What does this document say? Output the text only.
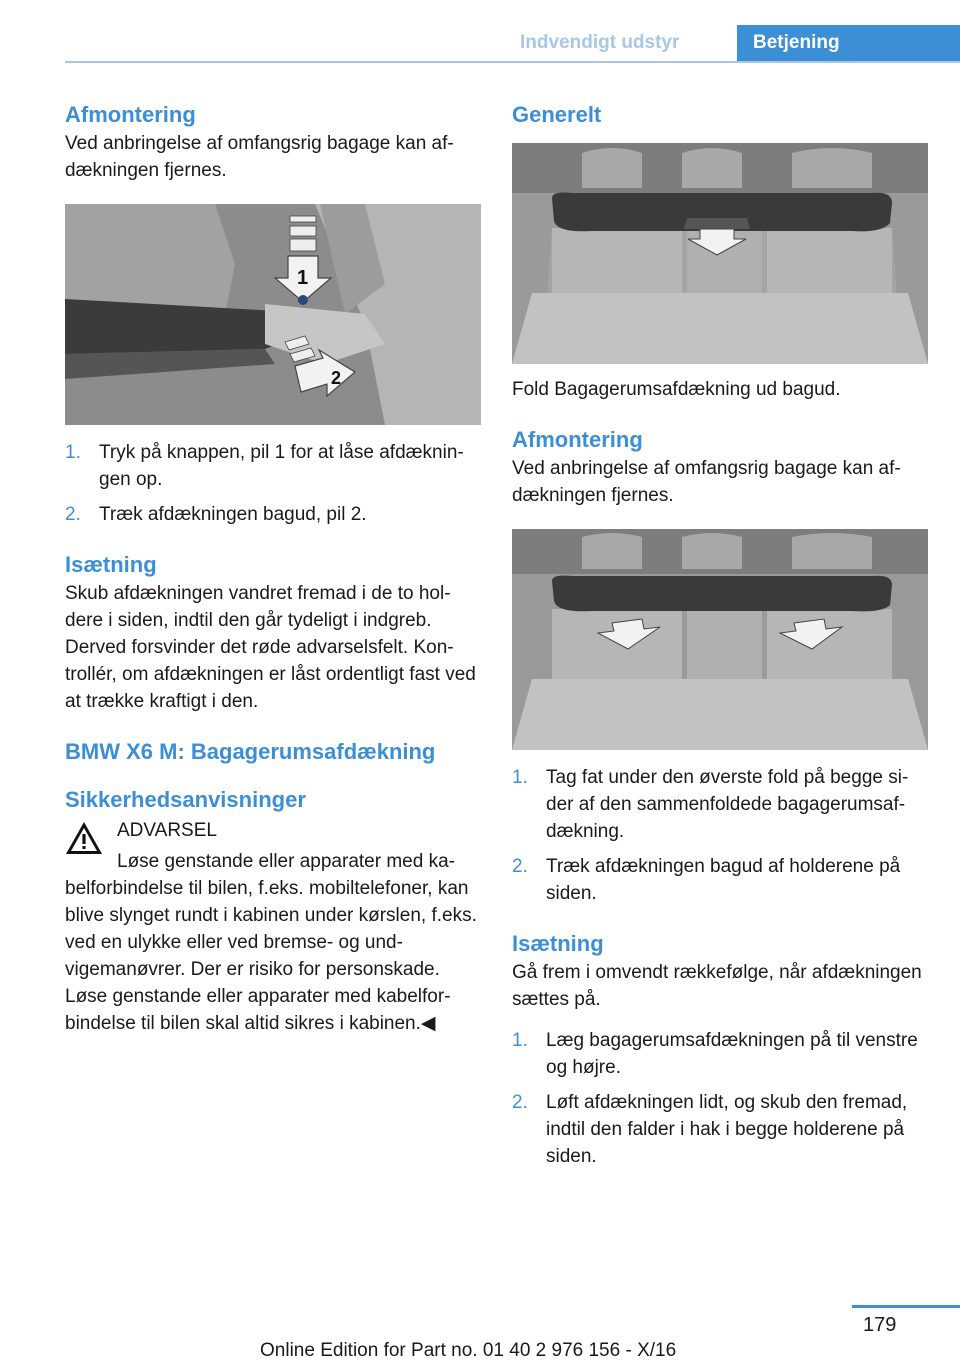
Indvendigt udstyr	Betjening
Afmontering

Ved anbringelse af omfangsrig bagage kan afdækningen fjernes.

1
2
1. Tryk på knappen, pil 1 for at låse afdækningen op.
2. Træk afdækningen bagud, pil 2.
Isætning

Skub afdækningen vandret fremad i de to holdere i siden, indtil den går tydeligt i indgreb. Derved forsvinder det røde advarselsfelt. Kontrollér, om afdækningen er låst ordentligt fast ved at trække kraftigt i den.

BMW X6 M: Bagagerumsafdækning
Sikkerhedsanvisninger
ADVARSEL

Løse genstande eller apparater med kabelforbindelse til bilen, f.eks. mobiltelefoner, kan blive slynget rundt i kabinen under kørslen, f.eks. ved en ulykke eller ved bremse- og undvigemanøvrer. Der er risiko for personskade. Løse genstande eller apparater med kabelforbindelse til bilen skal altid sikres i kabinen.◀

Generelt

Fold Bagagerumsafdækning ud bagud.

Afmontering

Ved anbringelse af omfangsrig bagage kan afdækningen fjernes.

1. Tag fat under den øverste fold på begge sider af den sammenfoldede bagagerumsafdækning.
2. Træk afdækningen bagud af holderene på siden.
Isætning

Gå frem i omvendt rækkefølge, når afdækningen sættes på.

1. Læg bagagerumsafdækningen på til venstre og højre.
2. Løft afdækningen lidt, og skub den fremad, indtil den falder i hak i begge holderene på siden.
179
Online Edition for Part no. 01 40 2 976 156 - X/16
